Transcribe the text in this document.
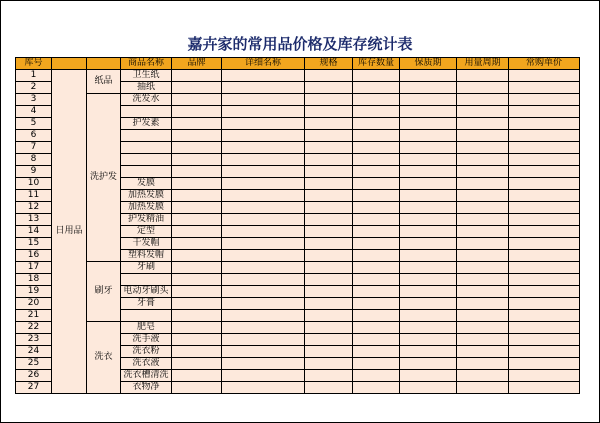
嘉卉家的常用品价格及库存统计表
库号			商品名称	品牌	详细名称	规格	库存数量	保质期	用量周期	常购单价
1	日用品	纸品	卫生纸							
2			抽纸							
3		洗护发	洗发水							
4										
5			护发素							
6										
7										
8										
9										
10			发膜							
11			加热发膜							
12			加热发膜							
13			护发精油							
14			定型							
15			干发帽							
16			塑料发帽							
17		刷牙	牙刷							
18										
19			电动牙刷头							
20			牙膏							
21										
22		洗衣	肥皂							
23			洗手液							
24			洗衣粉							
25			洗衣液							
26			洗衣槽清洗							
27			衣物净							
